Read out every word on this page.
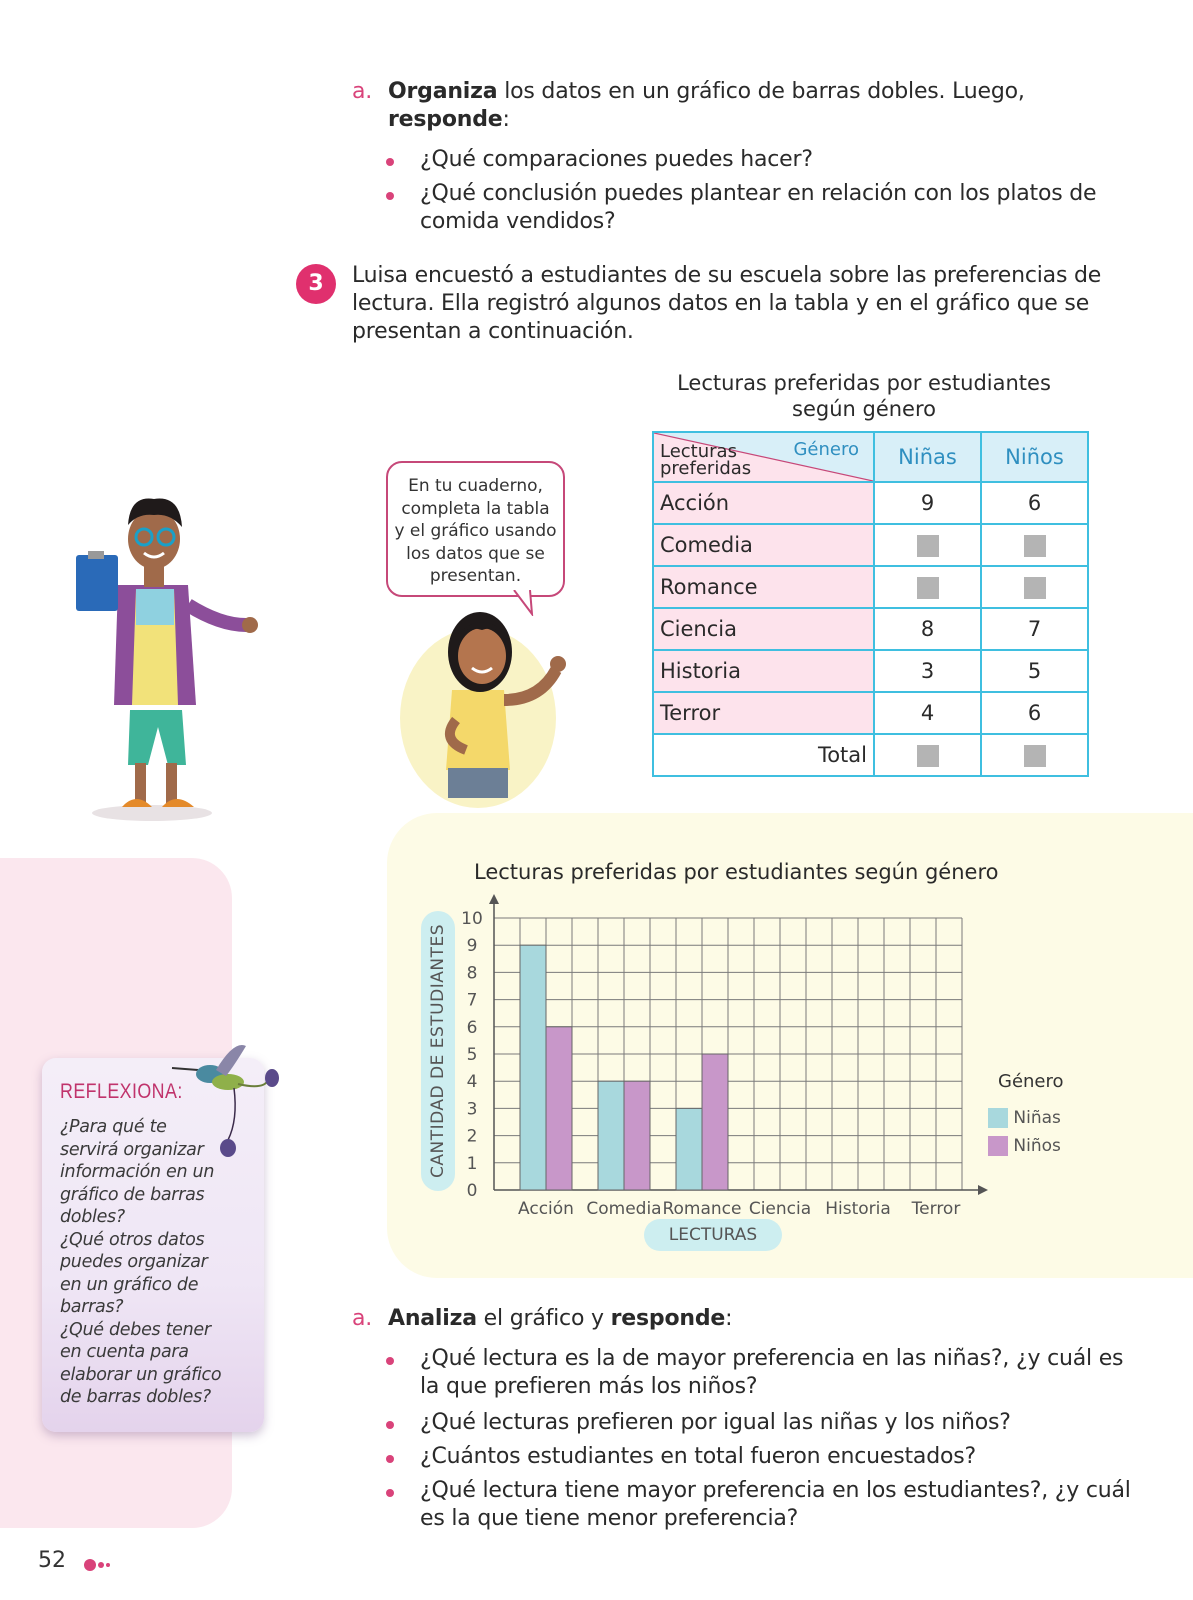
a. Organiza los datos en un gráfico de barras dobles. Luego,
responde:
¿Qué comparaciones puedes hacer?
¿Qué conclusión puedes plantear en relación con los platos de
comida vendidos?
3	Luisa encuestó a estudiantes de su escuela sobre las preferencias de
lectura. Ella registró algunos datos en la tabla y en el gráfico que se
presentan a continuación.
Lecturas preferidas por estudiantes
según género
Género
Lecturas
preferidas	Niñas	Niños
Acción	9	6
Comedia		
Romance		
Ciencia	8	7
Historia	3	5
Terror	4	6
Total		
En tu cuaderno,
completa la tabla
y el gráfico usando
los datos que se
presentan.
REFLEXIONA:
¿Para qué te
servirá organizar
información en un
gráfico de barras
dobles?
¿Qué otros datos
puedes organizar
en un gráfico de
barras?
¿Qué debes tener
en cuenta para
elaborar un gráfico
de barras dobles?
Lecturas preferidas por estudiantes según género
CANTIDAD DE ESTUDIANTES
LECTURAS
0
1
2
3
4
5
6
7
8
9
10
Acción Comedia Romance Ciencia Historia Terror
Género
Niñas
Niños
a. Analiza el gráfico y responde:
¿Qué lectura es la de mayor preferencia en las niñas?, ¿y cuál es
la que prefieren más los niños?
¿Qué lecturas prefieren por igual las niñas y los niños?
¿Cuántos estudiantes en total fueron encuestados?
¿Qué lectura tiene mayor preferencia en los estudiantes?, ¿y cuál
es la que tiene menor preferencia?
52
